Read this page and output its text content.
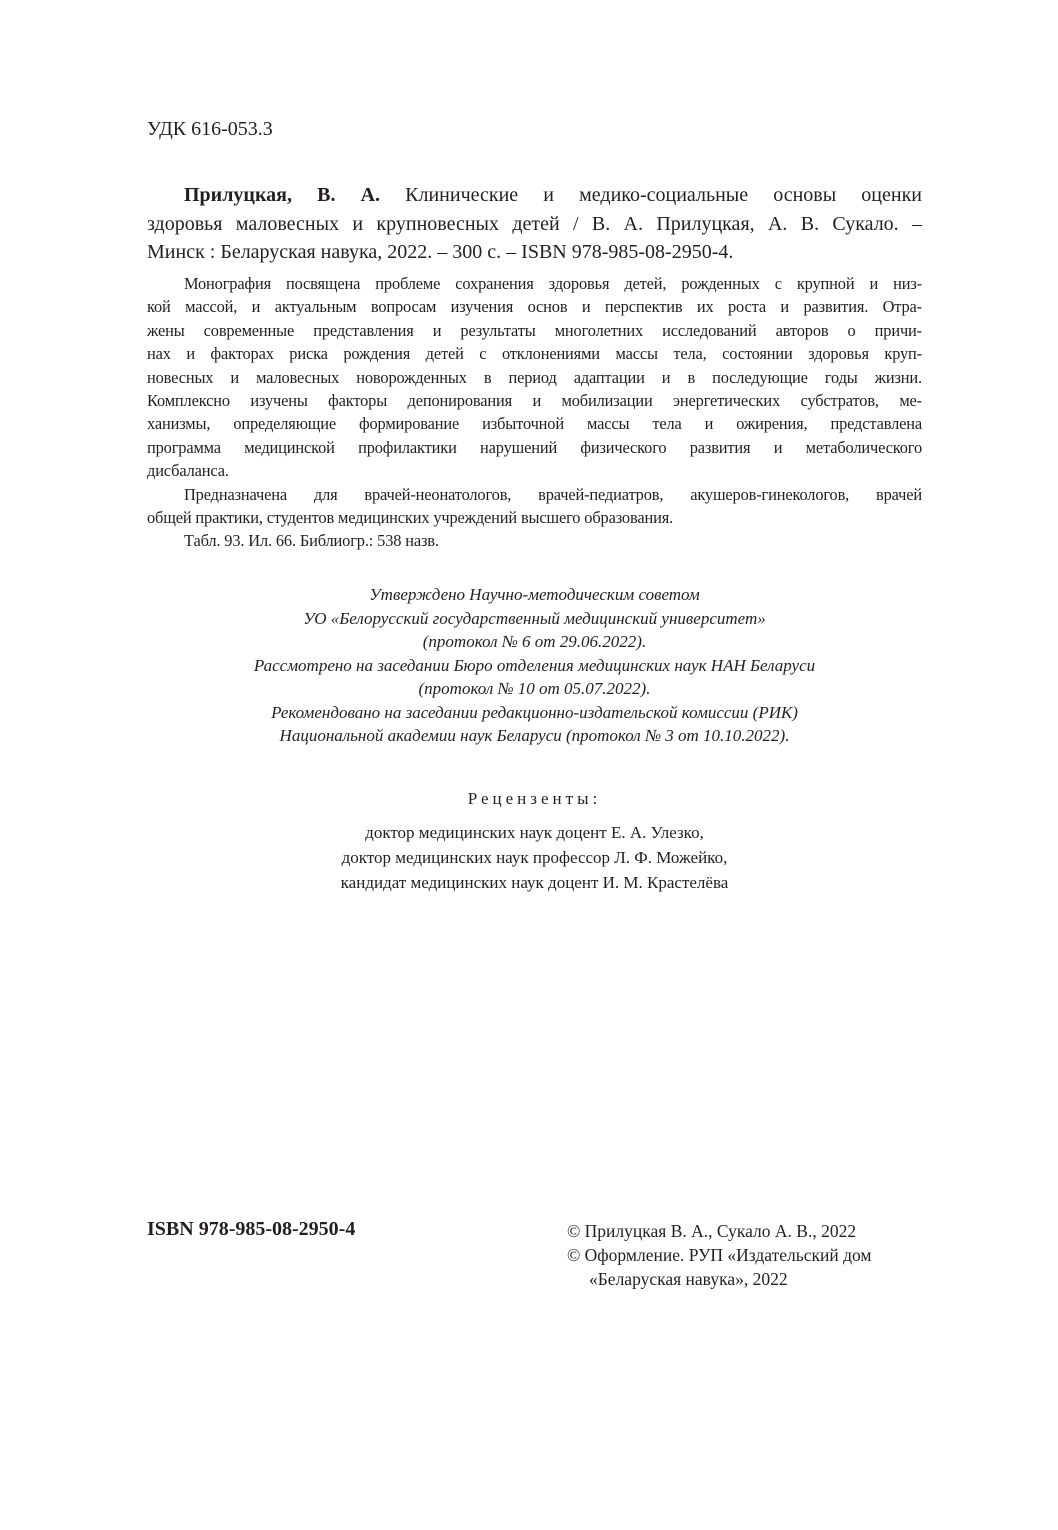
УДК 616-053.3
Прилуцкая, В. А. Клинические и медико-социальные основы оценки
здоровья маловесных и крупновесных детей / В. А. Прилуцкая, А. В. Сукало. –
Минск : Беларуская навука, 2022. – 300 с. – ISBN 978-985-08-2950-4.
Монография посвящена проблеме сохранения здоровья детей, рожденных с крупной и низ-
кой массой, и актуальным вопросам изучения основ и перспектив их роста и развития. Отра-
жены современные представления и результаты многолетних исследований авторов о причи-
нах и факторах риска рождения детей с отклонениями массы тела, состоянии здоровья круп-
новесных и маловесных новорожденных в период адаптации и в последующие годы жизни.
Комплексно изучены факторы депонирования и мобилизации энергетических субстратов, ме-
ханизмы, определяющие формирование избыточной массы тела и ожирения, представлена
программа медицинской профилактики нарушений физического развития и метаболического
дисбаланса.
Предназначена для врачей-неонатологов, врачей-педиатров, акушеров-гинекологов, врачей
общей практики, студентов медицинских учреждений высшего образования.
Табл. 93. Ил. 66. Библиогр.: 538 назв.
Утверждено Научно-методическим советом
УО «Белорусский государственный медицинский университет»
(протокол № 6 от 29.06.2022).
Рассмотрено на заседании Бюро отделения медицинских наук НАН Беларуси
(протокол № 10 от 05.07.2022).
Рекомендовано на заседании редакционно-издательской комиссии (РИК)
Национальной академии наук Беларуси (протокол № 3 от 10.10.2022).
Рецензенты:
доктор медицинских наук доцент Е. А. Улезко,
доктор медицинских наук профессор Л. Ф. Можейко,
кандидат медицинских наук доцент И. М. Крастелёва
ISBN 978-985-08-2950-4	© Прилуцкая В. А., Сукало А. В., 2022
© Оформление. РУП «Издательский дом
«Беларуская навука», 2022
